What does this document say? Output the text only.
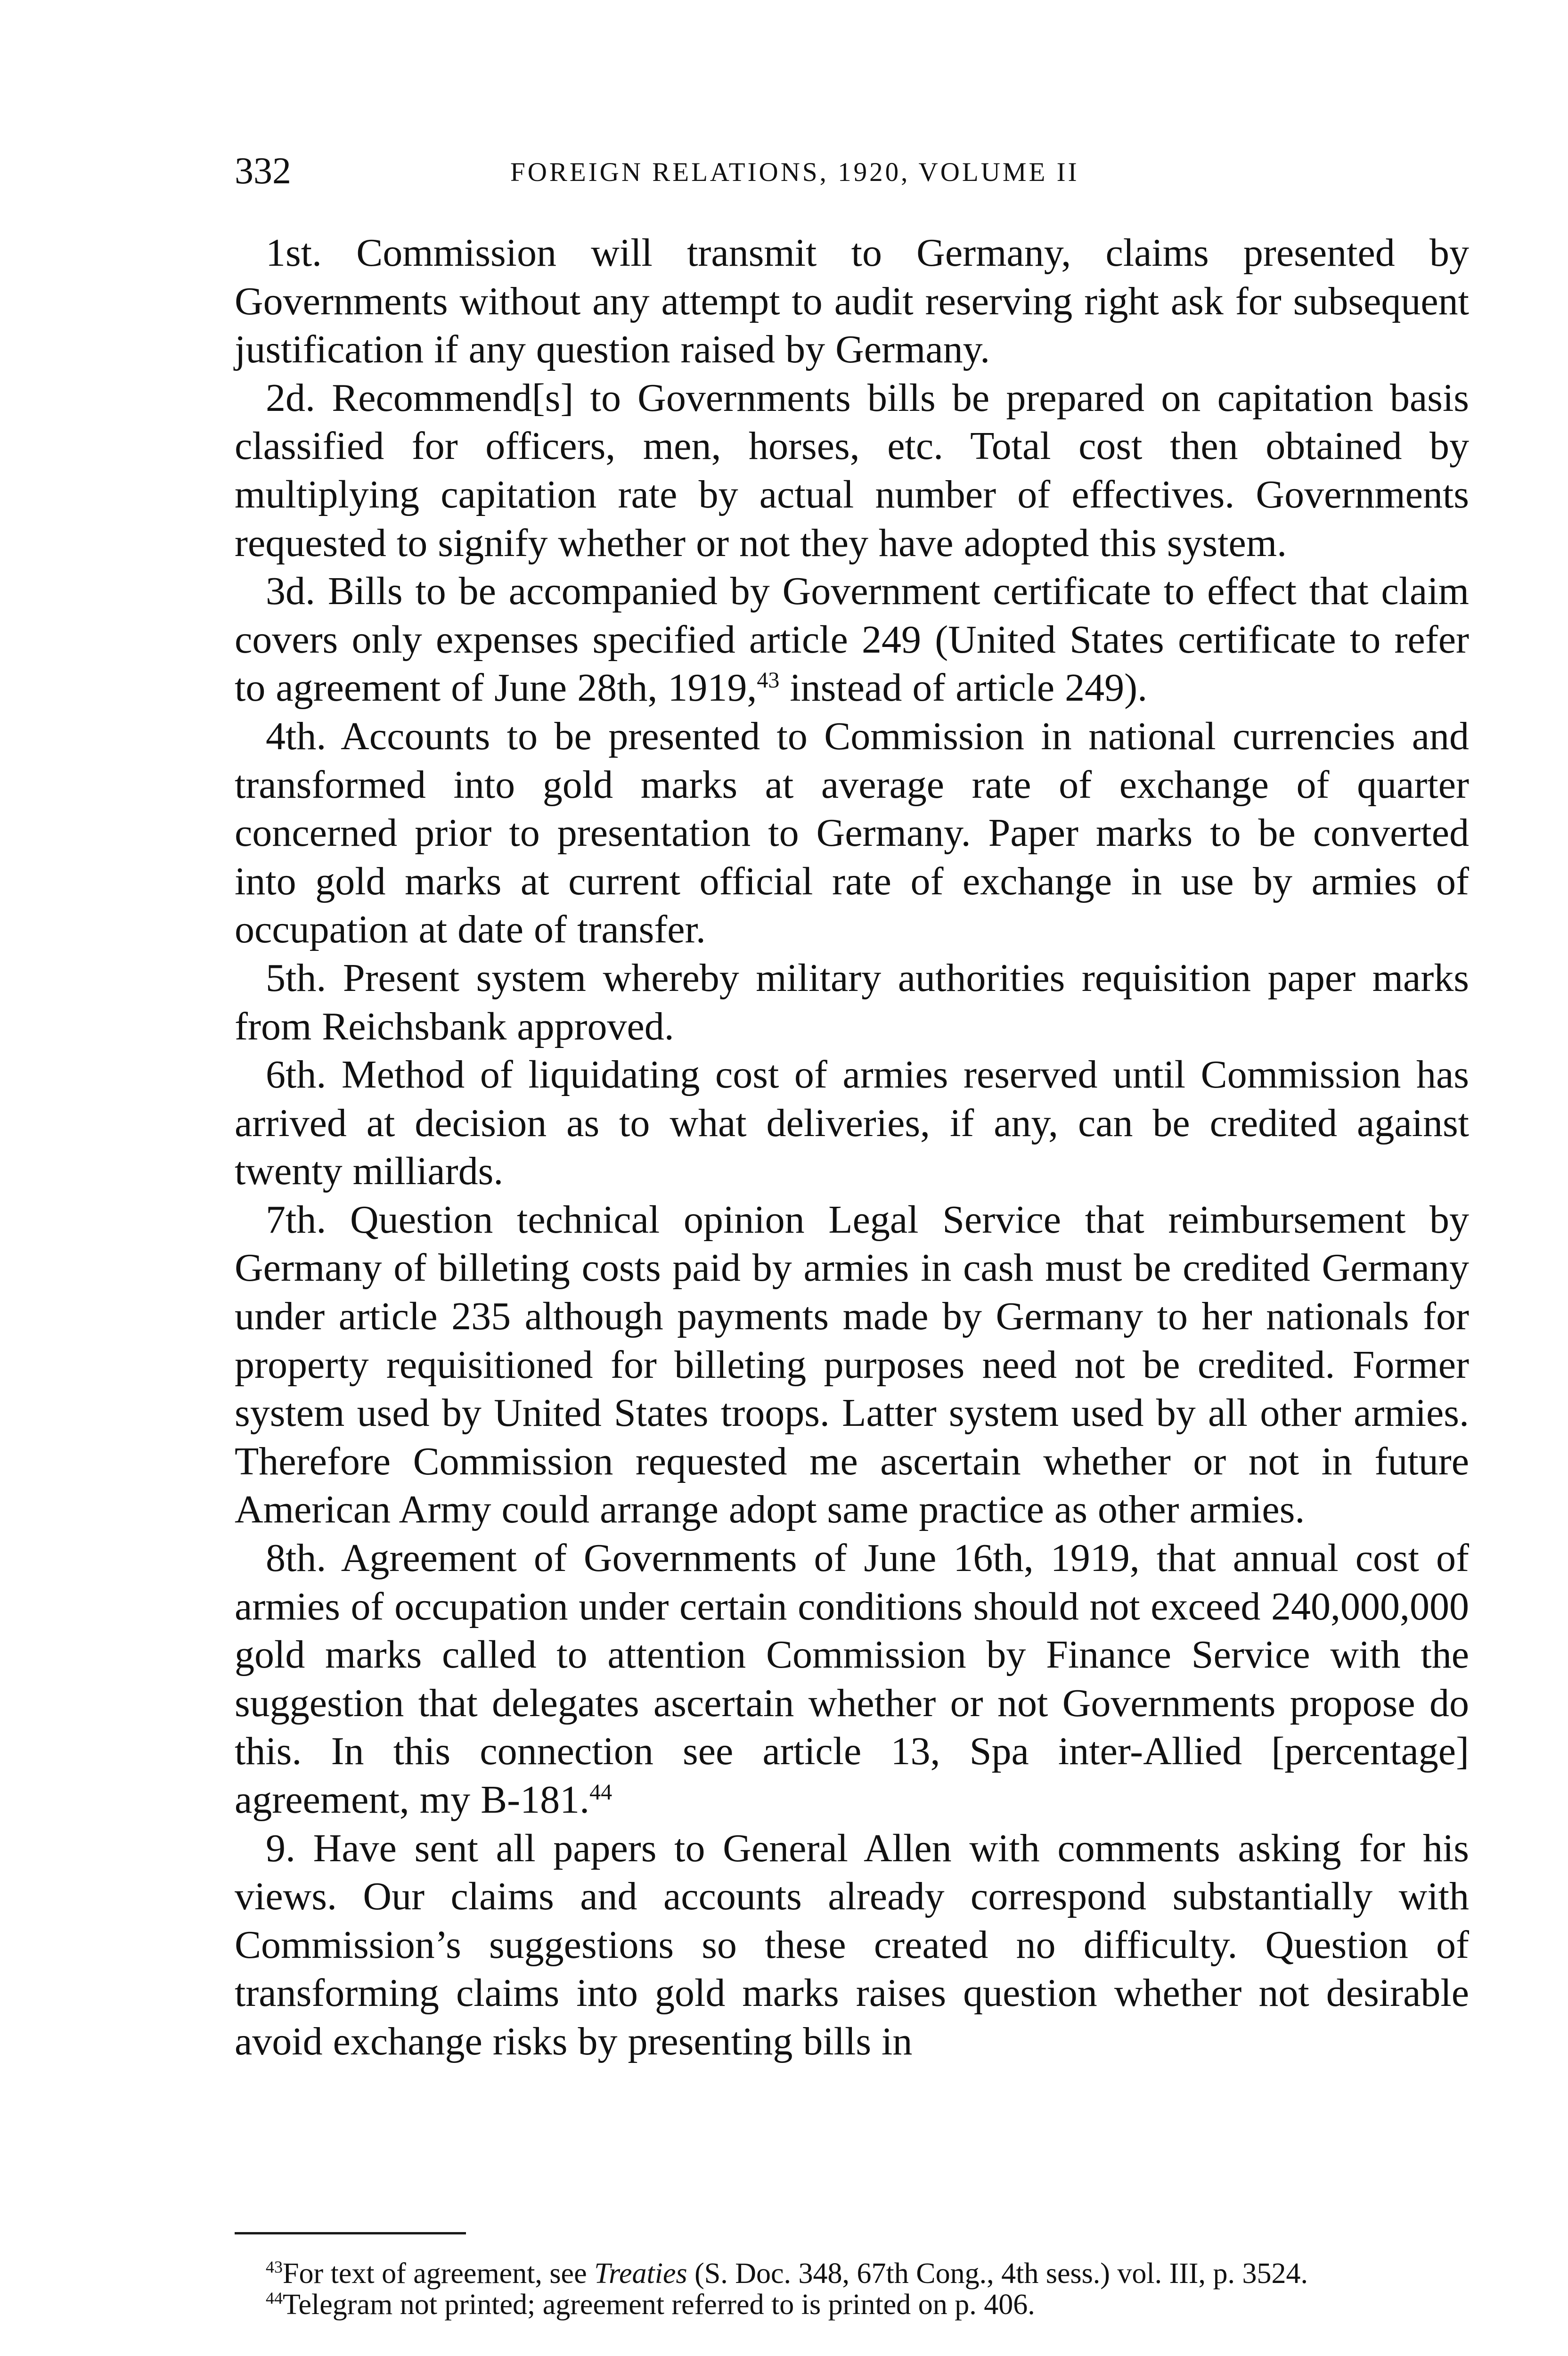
332	FOREIGN RELATIONS, 1920, VOLUME II

1st. Commission will transmit to Germany, claims presented by Governments without any attempt to audit reserving right ask for subsequent justification if any question raised by Germany.

2d. Recommend[s] to Governments bills be prepared on capitation basis classified for officers, men, horses, etc. Total cost then obtained by multiplying capitation rate by actual number of effectives. Governments requested to signify whether or not they have adopted this system.

3d. Bills to be accompanied by Government certificate to effect that claim covers only expenses specified article 249 (United States certificate to refer to agreement of June 28th, 1919,43 instead of article 249).

4th. Accounts to be presented to Commission in national currencies and transformed into gold marks at average rate of exchange of quarter concerned prior to presentation to Germany. Paper marks to be converted into gold marks at current official rate of exchange in use by armies of occupation at date of transfer.

5th. Present system whereby military authorities requisition paper marks from Reichsbank approved.

6th. Method of liquidating cost of armies reserved until Commission has arrived at decision as to what deliveries, if any, can be credited against twenty milliards.

7th. Question technical opinion Legal Service that reimbursement by Germany of billeting costs paid by armies in cash must be credited Germany under article 235 although payments made by Germany to her nationals for property requisitioned for billeting purposes need not be credited. Former system used by United States troops. Latter system used by all other armies. Therefore Commission requested me ascertain whether or not in future American Army could arrange adopt same practice as other armies.

8th. Agreement of Governments of June 16th, 1919, that annual cost of armies of occupation under certain conditions should not exceed 240,000,000 gold marks called to attention Commission by Finance Service with the suggestion that delegates ascertain whether or not Governments propose do this. In this connection see article 13, Spa inter-Allied [percentage] agreement, my B-181.44

9. Have sent all papers to General Allen with comments asking for his views. Our claims and accounts already correspond substantially with Commission’s suggestions so these created no difficulty. Question of transforming claims into gold marks raises question whether not desirable avoid exchange risks by presenting bills in

$^{43}$For text of agreement, see Treaties (S. Doc. 348, 67th Cong., 4th sess.) vol. III, p. 3524.

$^{44}$Telegram not printed; agreement referred to is printed on p. 406.
